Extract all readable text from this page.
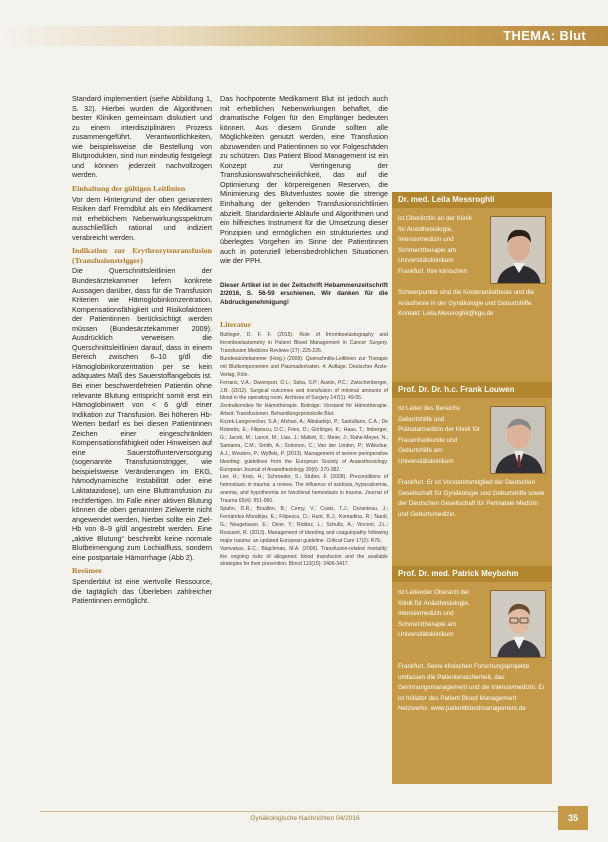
THEMA: Blut

Standard implementiert (siehe Abbildung 1, S. 32). Hierbei wurden die Algorithmen bester Kliniken gemeinsam diskutiert und zu einem interdisziplinären Prozess zusammengeführt. Verantwortlichkeiten, wie beispielsweise die Bestellung von Blutprodukten, sind nun eindeutig festgelegt und können jederzeit nachvollzogen werden.

Einhaltung der gültigen Leitlinien

Vor dem Hintergrund der oben genannten Risiken darf Fremdblut als ein Medikament mit erheblichem Nebenwirkungsspektrum ausschließlich rational und indiziert verabreicht werden.

Indikation zur Erythrozytenransfusion (Transfusionstrigger)

Die Querschnittsleitlinien der Bundesärztekammer liefern konkrete Aussagen darüber, dass für die Transfusion Kriterien wie Hämoglobinkonzentration, Kompensationsfähigkeit und Risikofaktoren der Patientinnen berücksichtigt werden müssen (Bundesärztekammer 2009). Ausdrücklich verweisen die Querschnittsleitlinien darauf, dass in einem Bereich zwischen 6–10 g/dl die Hämoglobinkonzentration per se kein adäquates Maß des Sauerstoffangebots ist. Bei einer beschwerdefreien Patientin ohne relevante Blutung entspricht somit erst ein Hämoglobinwert von < 6 g/dl einer Indikation zur Transfusion. Bei höheren Hb-Werten bedarf es bei diesen Patientinnen Zeichen einer eingeschränkten Kompensationsfähigkeit oder Hinweisen auf eine Sauerstoffunterversorgung (sogenannte Transfusionstrigger, wie beispielsweise Veränderungen im EKG, hämodynamische Instabilität oder eine Laktatazidose), um eine Bluttransfusion zu rechtfertigen. Im Falle einer aktiven Blutung können die oben genannten Zielwerte nicht angewendet werden, hierbei sollte ein Ziel-Hb von 8–9 g/dl angestrebt werden. Eine „aktive Blutung“ beschreibt keine normale Blutbeimengung zum Lochialfluss, sondern eine postpartale Hämorrhagie (Abb 2).

Resümee

Spenderblut ist eine wertvolle Ressource, die tagtäglich das Überleben zahlreicher Patientinnen ermöglicht.

Das hochpotente Medikament Blut ist jedoch auch mit erheblichen Nebenwirkungen behaftet, die dramatische Folgen für den Empfänger bedeuten können. Aus diesem Grunde sollten alle Möglichkeiten genutzt werden, eine Transfusion abzuwenden und Patientinnen so vor Folgeschäden zu schützen. Das Patient Blood Management ist ein Konzept zur Verringerung der Transfusionswahrscheinlichkeit, das auf die Optimierung der körpereigenen Reserven, die Minimierung des Blutverlustes sowie die strenge Einhaltung der geltenden Transfusionsrichtlinien abzielt. Standardisierte Abläufe und Algorithmen und ein hilfreiches Instrument für die Umsetzung dieser Prinzipien und ermöglichen ein strukturiertes und überlegtes Vorgehen im Sinne der Patientinnen auch in potenziell lebensbedrohlichen Situationen wie der PPH.

Dieser Artikel ist in der Zeitschrift Hebammenzeitschrift 2/2016, S. 56-59 erschienen. Wir danken für die Abdruckgenehmigung!

Literatur
Bullinger, D. F. F. (2015). Role of thromboelastography and thromboelastometry in Patient Blood Management in Cancer Surgery. Transfusion Medicine Reviews (27): 225-226.
Bundesärztekammer (Hrsg.) (2009). Querschnitts-Leitlinien zur Therapie mit Blutkomponenten und Plasmaderivaten. 4. Auflage. Deutscher Ärzte-Verlag, Köln.
Ferraris, V.A.; Davenport, D.L.; Saha, S.P.; Austin, P.C.; Zwischenberger, J.B. (2012). Surgical outcomes and transfusion of minimal amounts of blood in the operating room. Archives of Surgery 147(1): 49-55.
Zentralkomitee für Hämotherapie. Beiträge: Vorstand für Hämotherapie. Arbeit: Transfusionen. Behandlungsprotokolle Blut.
Kozek-Langenecker, S.A.; Afshari, A.; Albaladejo, P.; Santullano, C.A.; De Robertis, E.; Filipescu, D.C.; Fries, D.; Görlinger, K.; Haas, T.; Imberger, G.; Jacob, M.; Lancé, M.; Llau, J.; Mallett, S.; Meier, J.; Rahe-Meyer, N.; Samama, C.M.; Smith, A.; Solomon, C.; Van der Linden, P.; Wikkelsø, A.J.; Wouters, P.; Wyffels, P. (2013). Management of severe perioperative bleeding: guidelines from the European Society of Anaesthesiology. European Journal of Anaesthesiology 30(6): 270-382.
Lier, H.; Krep, H.; Schroeder, S.; Stuber, F. (2008). Preconditions of hemostasis in trauma: a review. The influence of acidosis, hypocalcemia, anemia, and hypothermia on functional hemostasis in trauma. Journal of Trauma 65(4): 951-960.
Spahn, D.R.; Bouillon, B.; Cerny, V.; Coats, T.J.; Duranteau, J.; Fernández-Mondéjar, E.; Filipescu, D.; Hunt, B.J.; Komadina, R.; Nardi, G.; Neugebauer, E.; Ozier, Y.; Riddez, L.; Schultz, A.; Vincent, J.L.; Rossaint, R. (2013). Management of bleeding and coagulopathy following major trauma: an updated European guideline. Critical Care 17(2): R76.
Vamvakas, E.C.; Blajchman, M.A. (2009). Transfusion-related mortality: the ongoing risks of allogeneic blood transfusion and the available strategies for their prevention. Blood 113(15): 3406-3417.
Dr. med. Leila Messroghli
ist Oberärztin an der Klinik für Anästhesiologie, Intensivmedizin und Schmerztherapie am Universitätsklinikum Frankfurt. Ihre klinischen
Schwerpunkte sind die Kinderanästhesie und die Anästhesie in der Gynäkologie und Geburtshilfe. Kontakt: Leila.Messroghli@kgu.de
Prof. Dr. Dr. h.c. Frank Louwen
ist Leiter des Bereichs Geburtshilfe und Pränatalmedizin der Klinik für Frauenheilkunde und Geburtshilfe am Universitätsklinikum
Frankfurt. Er ist Vorstandsmitglied der Deutschen Gesellschaft für Gynäkologie und Geburtshilfe sowie der Deutschen Gesellschaft für Perinatale Medizin und Geburtsmedizin.
Prof. Dr. med. Patrick Meybohm
ist Leitender Oberarzt der Klinik für Anästhesiologie, Intensivmedizin und Schmerztherapie am Universitätsklinikum
Frankfurt. Seine klinischen Forschungsprojekte umfassen die Patientensicherheit, das Gerinnungsmanagement und die Intensivmedizin. Er ist Initiator des Patient Blood Management Netzwerks. www.patientbloodmanagement.de
Gynäkologische Nachrichten 04/2016	35
